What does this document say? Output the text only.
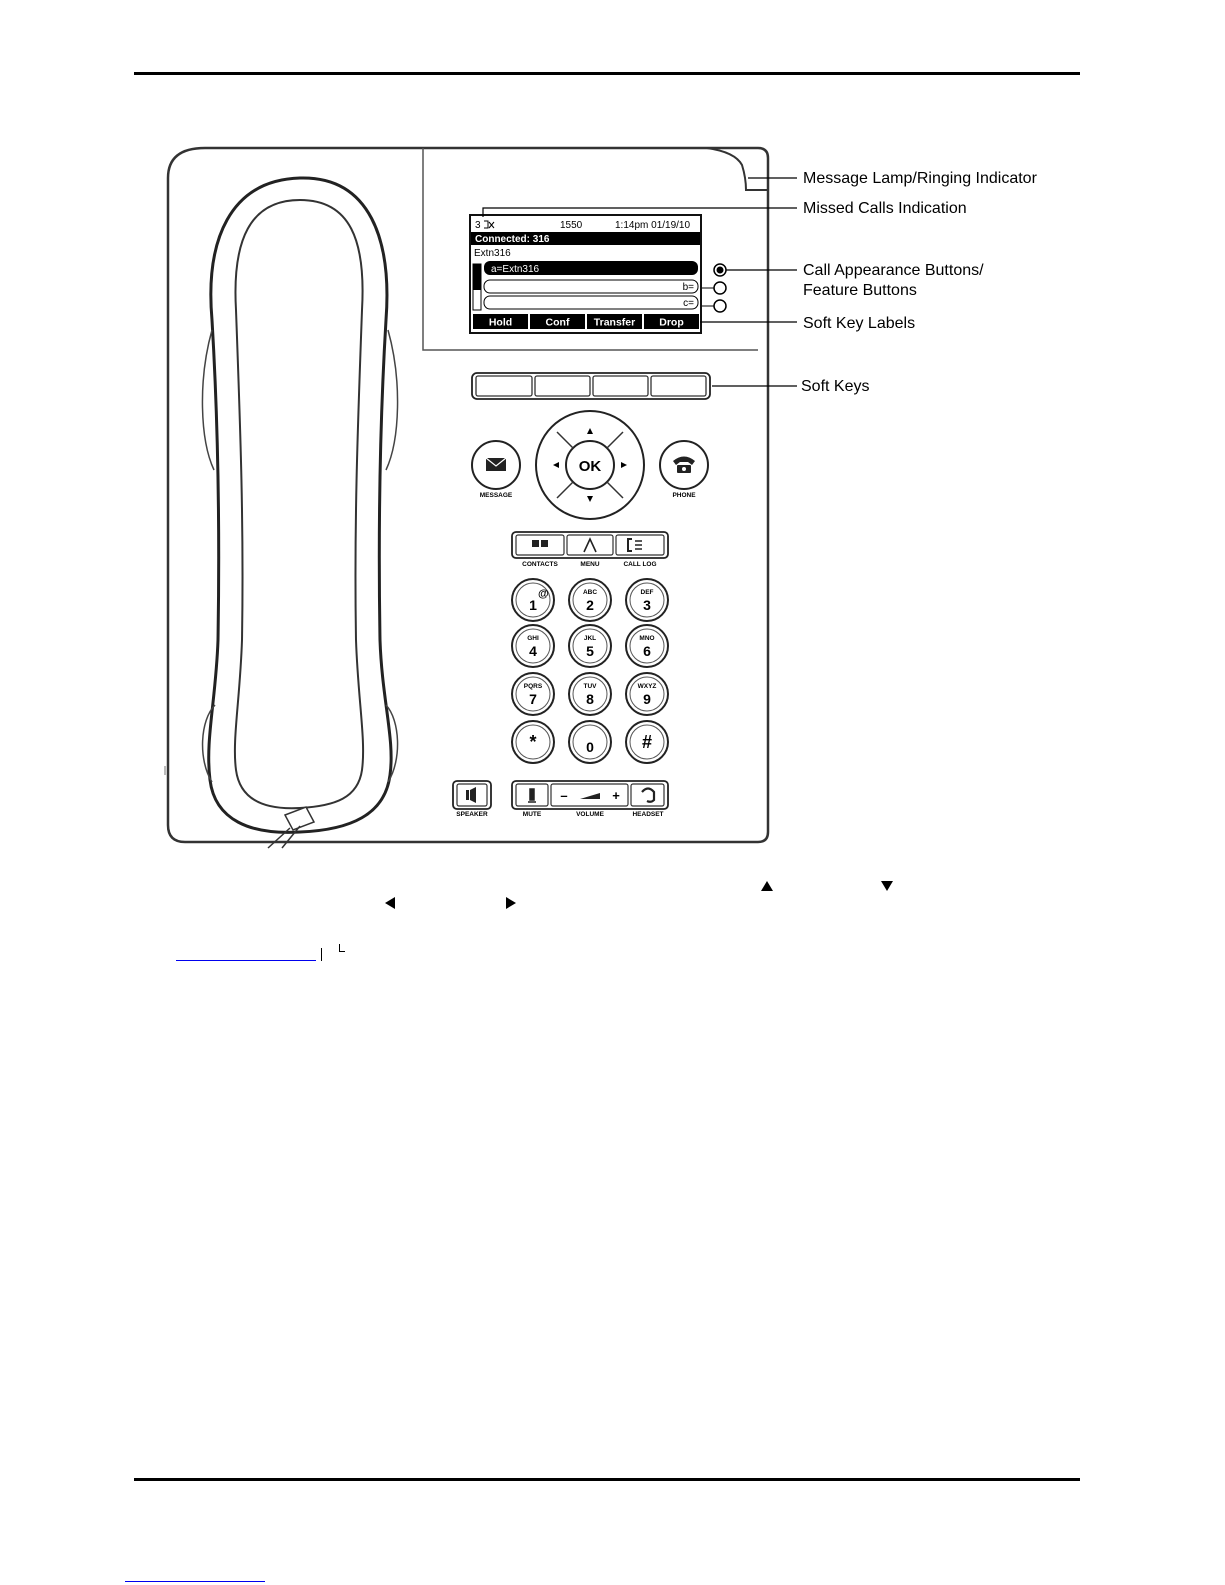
3	1550	1:14pm 01/19/10
Connected: 316
Extn316
a=Extn316
b=
c=
Hold	Conf Transfer Drop
OK
MESSAGE	PHONE
CONTACTS	MENU	CALL LOG
1	2
ABC
3
DEF
4
GHI
5
JKL
6
MNO
7
PQRS
8
TUV
9
WXYZ
*	0	#
@
SPEAKER
–	+
MUTE	VOLUME	HEADSET
Message Lamp/Ringing Indicator
Missed Calls Indication
Call Appearance Buttons/
Feature Buttons
Soft Key Labels
Soft Keys
